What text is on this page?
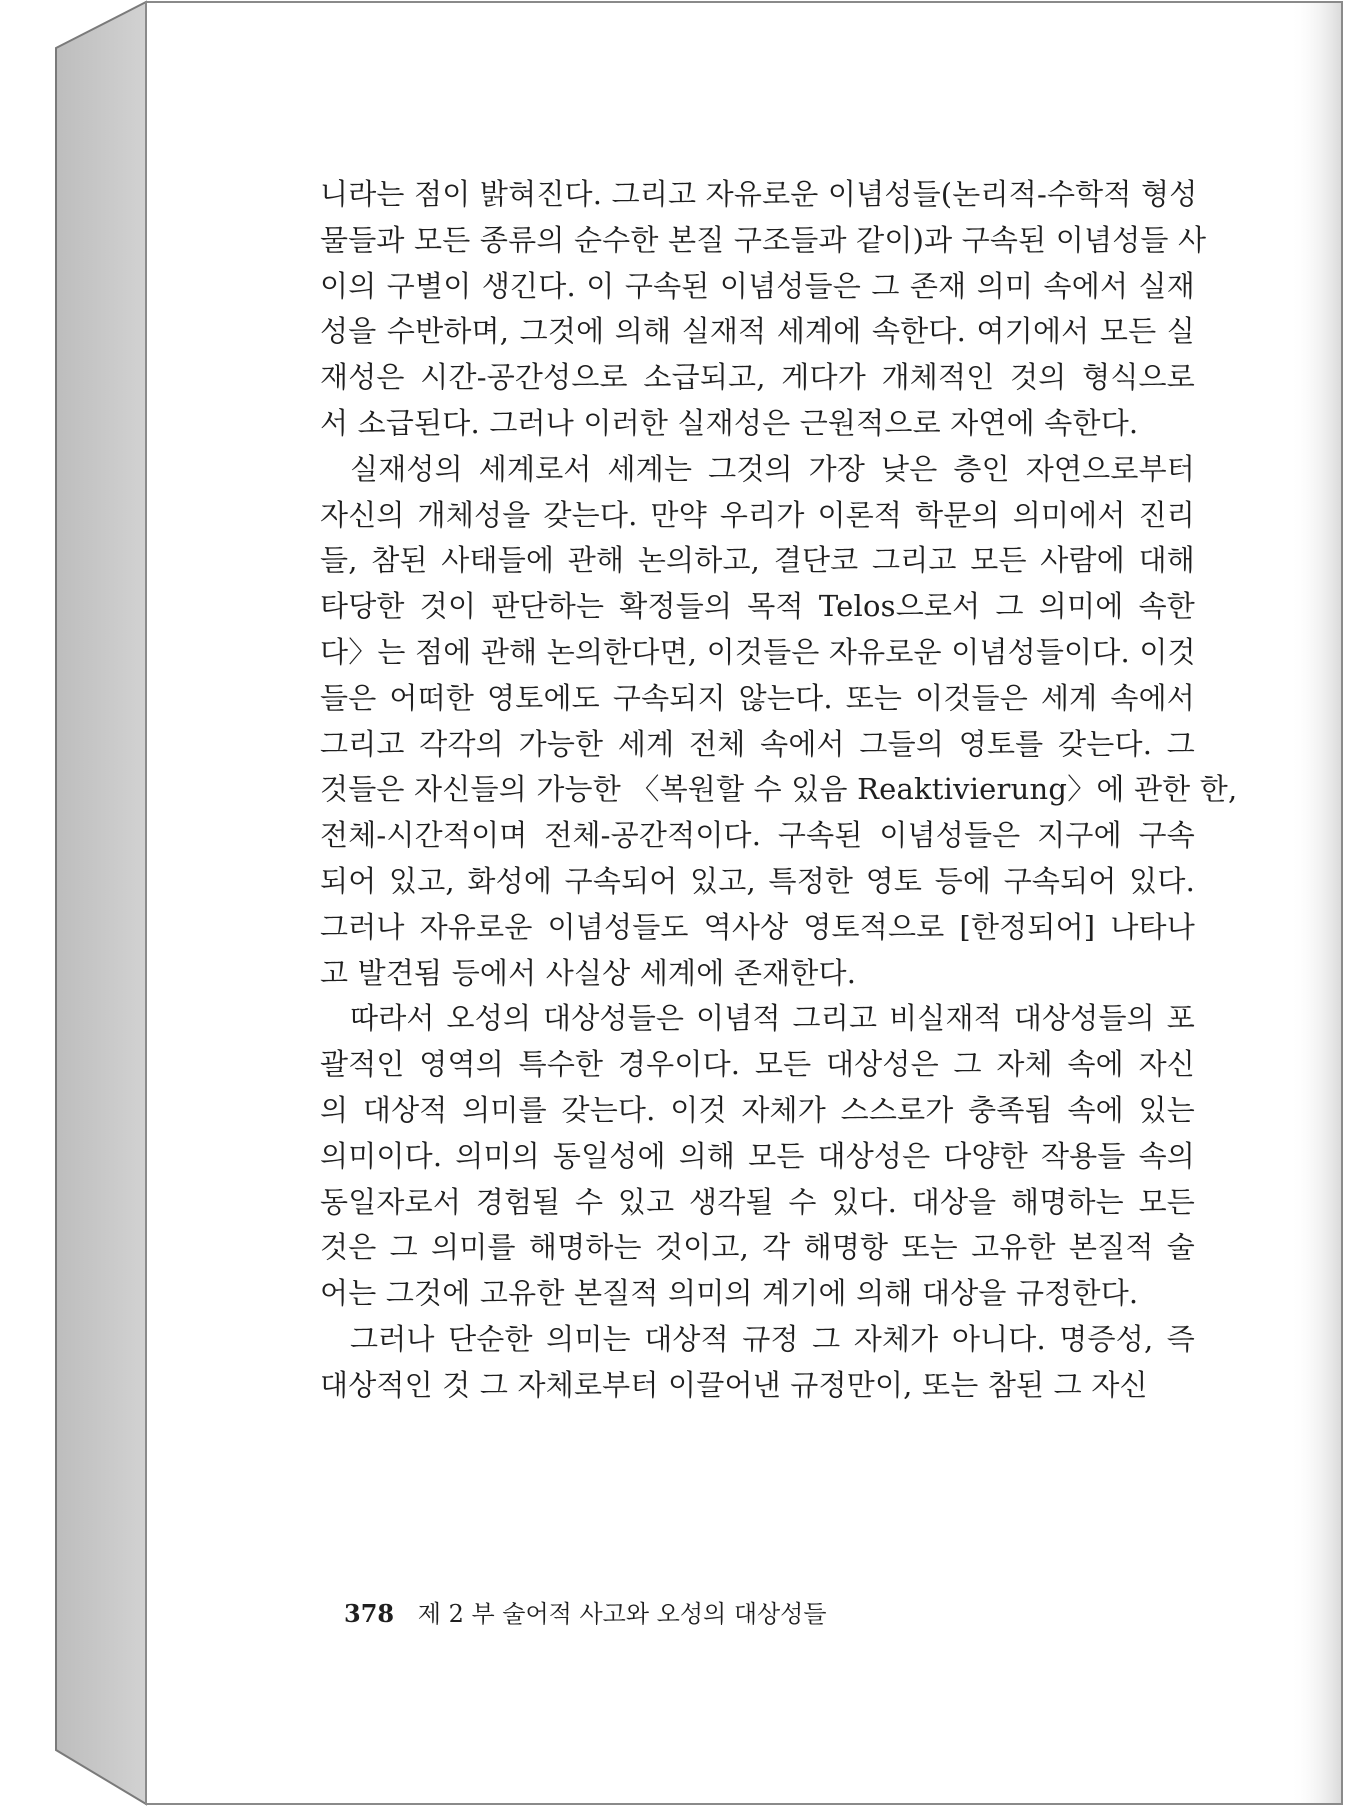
니라는 점이 밝혀진다. 그리고 자유로운 이념성들(논리적-수학적 형성
물들과 모든 종류의 순수한 본질 구조들과 같이)과 구속된 이념성들 사
이의 구별이 생긴다. 이 구속된 이념성들은 그 존재 의미 속에서 실재
성을 수반하며, 그것에 의해 실재적 세계에 속한다. 여기에서 모든 실
재성은 시간-공간성으로 소급되고, 게다가 개체적인 것의 형식으로
서 소급된다. 그러나 이러한 실재성은 근원적으로 자연에 속한다.
실재성의 세계로서 세계는 그것의 가장 낮은 층인 자연으로부터
자신의 개체성을 갖는다. 만약 우리가 이론적 학문의 의미에서 진리
들, 참된 사태들에 관해 논의하고, 결단코 그리고 모든 사람에 대해
타당한 것이 판단하는 확정들의 목적 Telos으로서 그 의미에 속한
다〉는 점에 관해 논의한다면, 이것들은 자유로운 이념성들이다. 이것
들은 어떠한 영토에도 구속되지 않는다. 또는 이것들은 세계 속에서
그리고 각각의 가능한 세계 전체 속에서 그들의 영토를 갖는다. 그
것들은 자신들의 가능한 〈복원할 수 있음 Reaktivierung〉에 관한 한,
전체-시간적이며 전체-공간적이다. 구속된 이념성들은 지구에 구속
되어 있고, 화성에 구속되어 있고, 특정한 영토 등에 구속되어 있다.
그러나 자유로운 이념성들도 역사상 영토적으로 [한정되어] 나타나
고 발견됨 등에서 사실상 세계에 존재한다.
따라서 오성의 대상성들은 이념적 그리고 비실재적 대상성들의 포
괄적인 영역의 특수한 경우이다. 모든 대상성은 그 자체 속에 자신
의 대상적 의미를 갖는다. 이것 자체가 스스로가 충족됨 속에 있는
의미이다. 의미의 동일성에 의해 모든 대상성은 다양한 작용들 속의
동일자로서 경험될 수 있고 생각될 수 있다. 대상을 해명하는 모든
것은 그 의미를 해명하는 것이고, 각 해명항 또는 고유한 본질적 술
어는 그것에 고유한 본질적 의미의 계기에 의해 대상을 규정한다.
그러나 단순한 의미는 대상적 규정 그 자체가 아니다. 명증성, 즉
대상적인 것 그 자체로부터 이끌어낸 규정만이, 또는 참된 그 자신
378 제 2 부 술어적 사고와 오성의 대상성들
